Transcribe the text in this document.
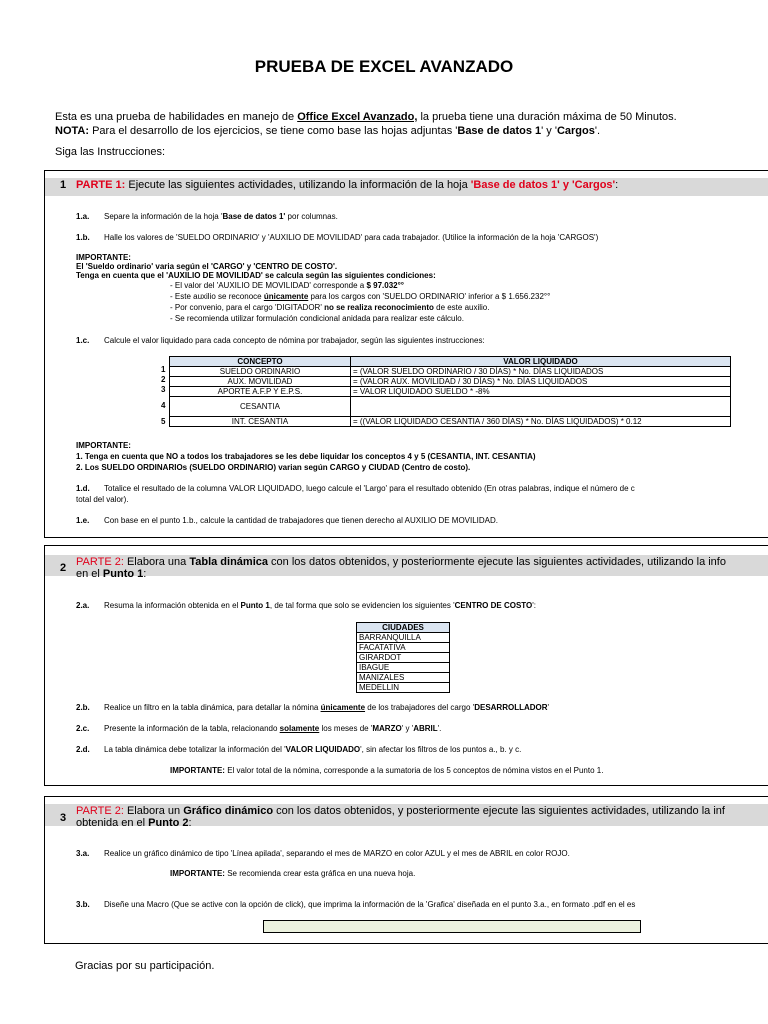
PRUEBA DE EXCEL AVANZADO
Esta es una prueba de habilidades en manejo de Office Excel Avanzado, la prueba tiene una duración máxima de 50 Minutos.
NOTA: Para el desarrollo de los ejercicios, se tiene como base las hojas adjuntas 'Base de datos 1' y 'Cargos'.
Siga las Instrucciones:
1 PARTE 1: Ejecute las siguientes actividades, utilizando la información de la hoja 'Base de datos 1' y 'Cargos':
1.a. Separe la información de la hoja 'Base de datos 1' por columnas.
1.b. Halle los valores de 'SUELDO ORDINARIO' y 'AUXILIO DE MOVILIDAD' para cada trabajador. (Utilice la información de la hoja 'CARGOS')
IMPORTANTE:
El 'Sueldo ordinario' varia según el 'CARGO' y 'CENTRO DE COSTO'.
Tenga en cuenta que el 'AUXILIO DE MOVILIDAD' se calcula según las siguientes condiciones:
- El valor del 'AUXILIO DE MOVILIDAD' corresponde a $ 97.032°°
- Este auxilio se reconoce únicamente para los cargos con 'SUELDO ORDINARIO' inferior a $ 1.656.232°°
- Por convenio, para el cargo 'DIGITADOR' no se realiza reconocimiento de este auxilio.
- Se recomienda utilizar formulación condicional anidada para realizar este cálculo.
1.c. Calcule el valor liquidado para cada concepto de nómina por trabajador, según las siguientes instrucciones:
1
2
3
4
5
CONCEPTO	VALOR LIQUIDADO
SUELDO ORDINARIO	= (VALOR SUELDO ORDINARIO / 30 DÍAS) * No. DÍAS LIQUIDADOS
AUX. MOVILIDAD	= (VALOR AUX. MOVILIDAD / 30 DÍAS) * No. DÍAS LIQUIDADOS
APORTE A.F.P Y E.P.S.	= VALOR LIQUIDADO SUELDO * -8%
CESANTIA	
INT. CESANTIA	= ((VALOR LIQUIDADO CESANTIA / 360 DÍAS) * No. DÍAS LIQUIDADOS) * 0.12
IMPORTANTE:
1. Tenga en cuenta que NO a todos los trabajadores se les debe liquidar los conceptos 4 y 5 (CESANTIA, INT. CESANTIA)
2. Los SUELDO ORDINARIOs (SUELDO ORDINARIO) varian según CARGO y CIUDAD (Centro de costo).
1.d. Totalice el resultado de la columna VALOR LIQUIDADO, luego calcule el 'Largo' para el resultado obtenido (En otras palabras, indique el número de c
total del valor).
1.e. Con base en el punto 1.b., calcule la cantidad de trabajadores que tienen derecho al AUXILIO DE MOVILIDAD.
2 PARTE 2: Elabora una Tabla dinámica con los datos obtenidos, y posteriormente ejecute las siguientes actividades, utilizando la info
en el Punto 1:
2.a. Resuma la información obtenida en el Punto 1, de tal forma que solo se evidencien los siguientes 'CENTRO DE COSTO':
CIUDADES
BARRANQUILLA
FACATATIVA
GIRARDOT
IBAGUE
MANIZALES
MEDELLIN
2.b. Realice un filtro en la tabla dinámica, para detallar la nómina únicamente de los trabajadores del cargo 'DESARROLLADOR'
2.c. Presente la información de la tabla, relacionando solamente los meses de 'MARZO' y 'ABRIL'.
2.d. La tabla dinámica debe totalizar la información del 'VALOR LIQUIDADO', sin afectar los filtros de los puntos a., b. y c.
IMPORTANTE: El valor total de la nómina, corresponde a la sumatoria de los 5 conceptos de nómina vistos en el Punto 1.
3
PARTE 2: Elabora un Gráfico dinámico con los datos obtenidos, y posteriormente ejecute las siguientes actividades, utilizando la inf
obtenida en el Punto 2:
3.a. Realice un gráfico dinámico de tipo 'Línea apilada', separando el mes de MARZO en color AZUL y el mes de ABRIL en color ROJO.
IMPORTANTE: Se recomienda crear esta gráfica en una nueva hoja.
3.b. Diseñe una Macro (Que se active con la opción de click), que imprima la información de la 'Grafica' diseñada en el punto 3.a., en formato .pdf en el es
Gracias por su participación.
